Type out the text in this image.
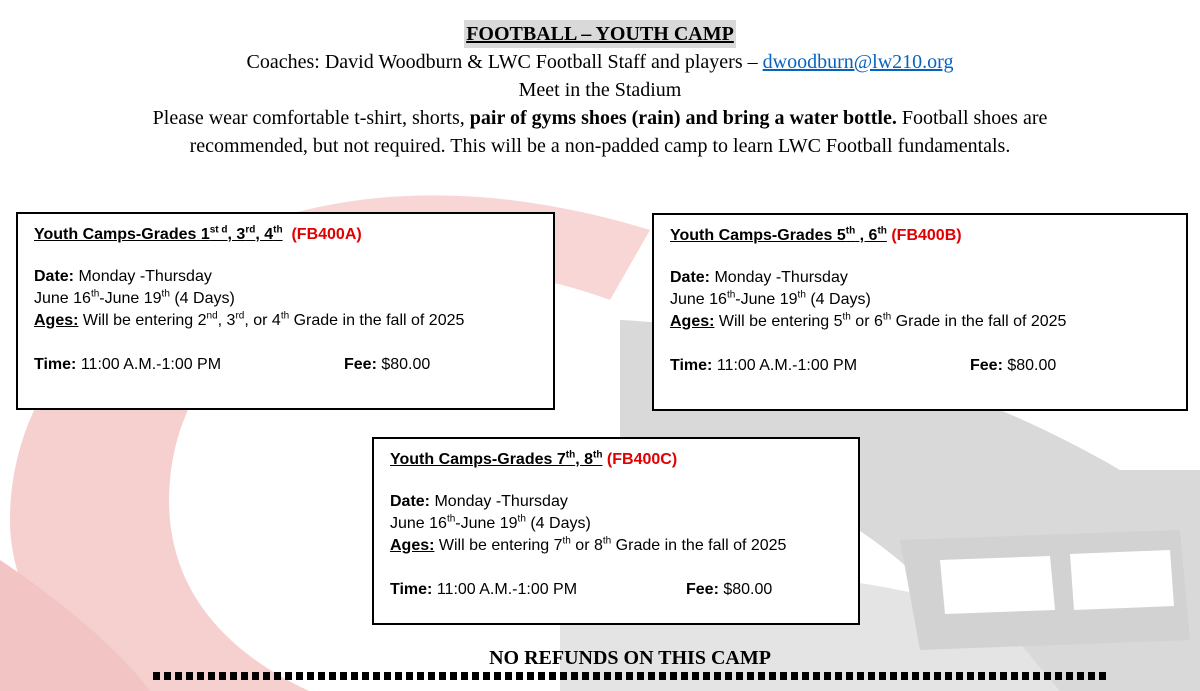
FOOTBALL – YOUTH CAMP
Coaches: David Woodburn & LWC Football Staff and players – dwoodburn@lw210.org
Meet in the Stadium
Please wear comfortable t-shirt, shorts, pair of gyms shoes (rain) and bring a water bottle. Football shoes are recommended, but not required. This will be a non-padded camp to learn LWC Football fundamentals.
Youth Camps-Grades $1^{st d}$, 3rd, 4th (FB400A)
Date: Monday -Thursday
June 16th-June 19th (4 Days)
Ages: Will be entering 2nd, 3rd, or 4th Grade in the fall of 2025
Time: 11:00 A.M.-1:00 PM	Fee: $80.00
Youth Camps-Grades 5th , 6th (FB400B)
Date: Monday -Thursday
June 16th-June 19th (4 Days)
Ages: Will be entering 5th or 6th Grade in the fall of 2025
Time: 11:00 A.M.-1:00 PM	Fee: $80.00
Youth Camps-Grades 7th, 8th (FB400C)
Date: Monday -Thursday
June 16th-June 19th (4 Days)
Ages: Will be entering 7th or 8th Grade in the fall of 2025
Time: 11:00 A.M.-1:00 PM	Fee: $80.00
NO REFUNDS ON THIS CAMP
